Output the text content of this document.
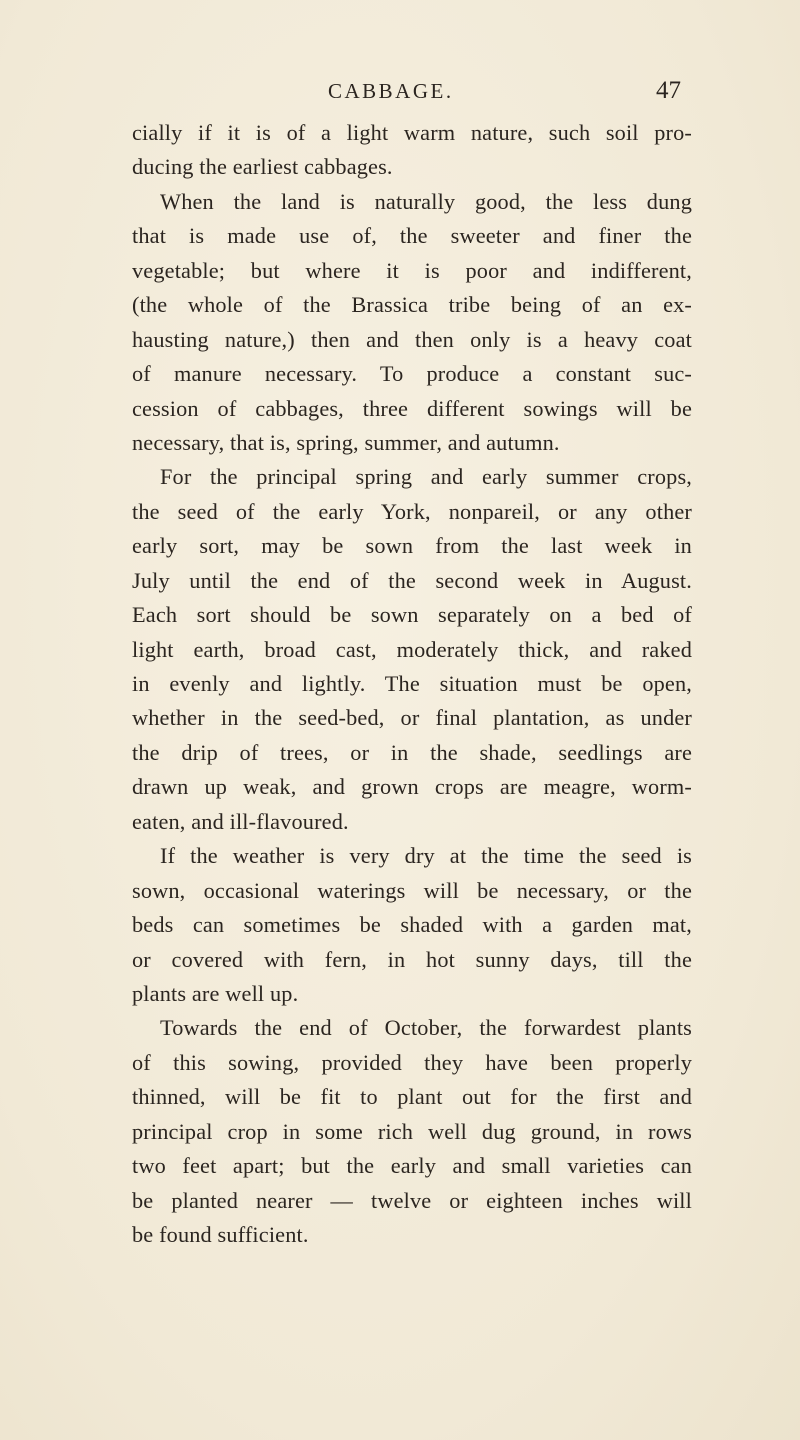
CABBAGE.	47
cially if it is of a light warm nature, such soil pro-
ducing the earliest cabbages.
When the land is naturally good, the less dung
that is made use of, the sweeter and finer the
vegetable; but where it is poor and indifferent,
(the whole of the Brassica tribe being of an ex-
hausting nature,) then and then only is a heavy coat
of manure necessary. To produce a constant suc-
cession of cabbages, three different sowings will be
necessary, that is, spring, summer, and autumn.
For the principal spring and early summer crops,
the seed of the early York, nonpareil, or any other
early sort, may be sown from the last week in
July until the end of the second week in August.
Each sort should be sown separately on a bed of
light earth, broad cast, moderately thick, and raked
in evenly and lightly. The situation must be open,
whether in the seed-bed, or final plantation, as under
the drip of trees, or in the shade, seedlings are
drawn up weak, and grown crops are meagre, worm-
eaten, and ill-flavoured.
If the weather is very dry at the time the seed is
sown, occasional waterings will be necessary, or the
beds can sometimes be shaded with a garden mat,
or covered with fern, in hot sunny days, till the
plants are well up.
Towards the end of October, the forwardest plants
of this sowing, provided they have been properly
thinned, will be fit to plant out for the first and
principal crop in some rich well dug ground, in rows
two feet apart; but the early and small varieties can
be planted nearer — twelve or eighteen inches will
be found sufficient.
